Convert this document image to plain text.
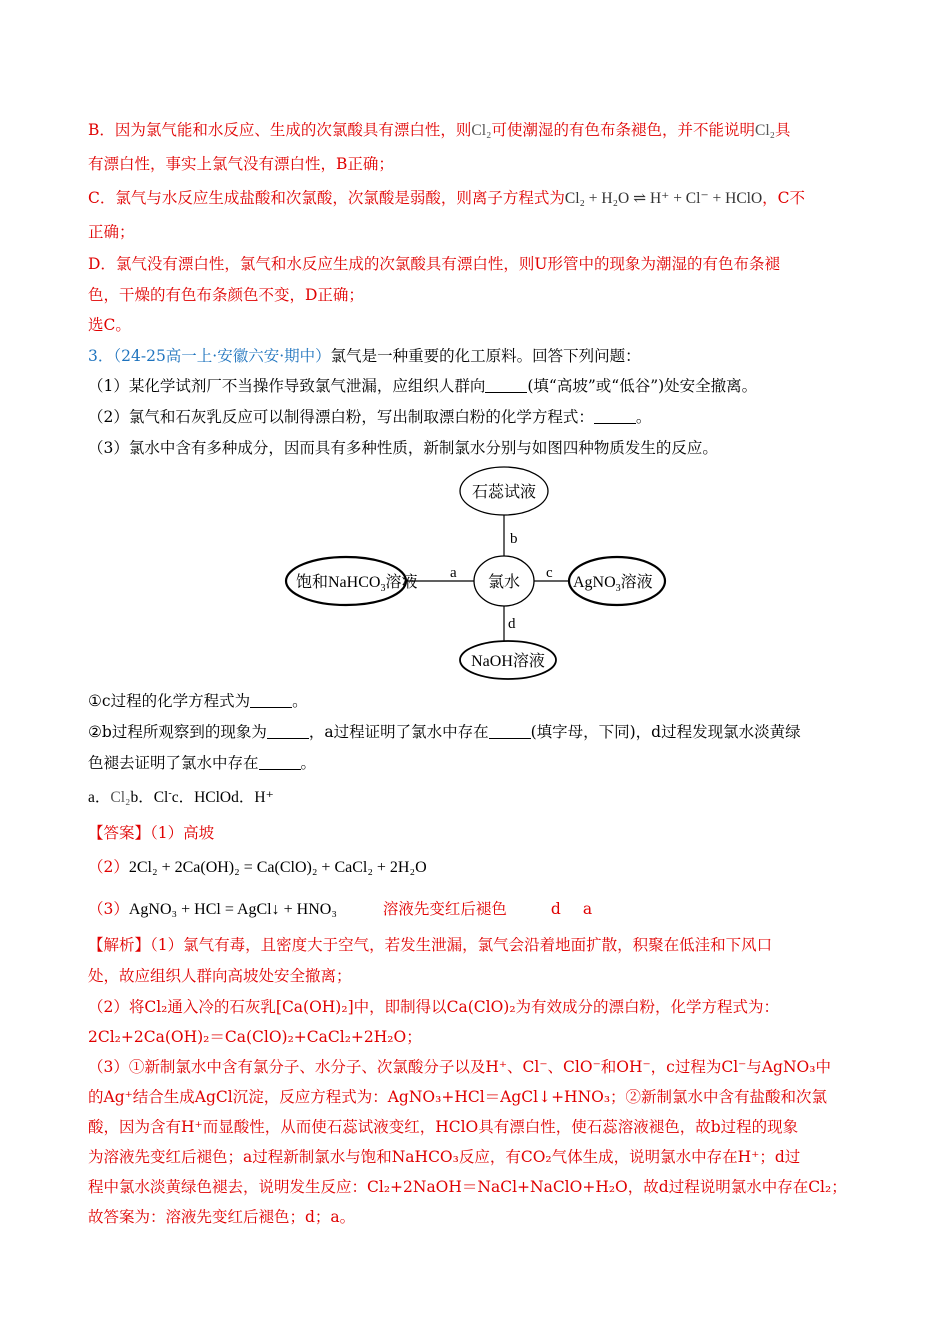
B．因为氯气能和水反应、生成的次氯酸具有漂白性，则Cl₂可使潮湿的有色布条褪色，并不能说明Cl₂具
有漂白性，事实上氯气没有漂白性，B正确；
C．氯气与水反应生成盐酸和次氯酸，次氯酸是弱酸，则离子方程式为Cl₂ + H₂O ⇌ H⁺ + Cl⁻ + HClO，C不
正确；
D．氯气没有漂白性，氯气和水反应生成的次氯酸具有漂白性，则U形管中的现象为潮湿的有色布条褪
色，干燥的有色布条颜色不变，D正确；
选C。
3．（24-25高一上·安徽六安·期中）氯气是一种重要的化工原料。回答下列问题：
（1）某化学试剂厂不当操作导致氯气泄漏，应组织人群向	(填“高坡”或“低谷”)处安全撤离。
（2）氯气和石灰乳反应可以制得漂白粉，写出制取漂白粉的化学方程式：	。
（3）氯水中含有多种成分，因而具有多种性质，新制氯水分别与如图四种物质发生的反应。
石蕊试液
氯水
饱和NaHCO$_3$溶液	AgNO$_3$溶液
NaOH溶液
b
a	c
d
①c过程的化学方程式为	。
②b过程所观察到的现象为	，a过程证明了氯水中存在	(填字母，下同)，d过程发现氯水淡黄绿
色褪去证明了氯水中存在	。
a．Cl₂b．Cl-c．HClOd．H⁺
【答案】（1）高坡
（2）2Cl₂ + 2Ca(OH)₂ = Ca(ClO)₂ + CaCl₂ + 2H₂O
（3）AgNO₃ + HCl = AgCl↓ + HNO₃	溶液先变红后褪色	d a
【解析】（1）氯气有毒，且密度大于空气，若发生泄漏，氯气会沿着地面扩散，积聚在低洼和下风口
处，故应组织人群向高坡处安全撤离；
（2）将Cl₂通入冷的石灰乳[Ca(OH)₂]中，即制得以Ca(ClO)₂为有效成分的漂白粉，化学方程式为：
2Cl₂+2Ca(OH)₂＝Ca(ClO)₂+CaCl₂+2H₂O；
（3）①新制氯水中含有氯分子、水分子、次氯酸分子以及H⁺、Cl⁻、ClO⁻和OH⁻，c过程为Cl⁻与AgNO₃中
的Ag⁺结合生成AgCl沉淀，反应方程式为：AgNO₃+HCl＝AgCl↓+HNO₃；②新制氯水中含有盐酸和次氯
酸，因为含有H⁺而显酸性，从而使石蕊试液变红，HClO具有漂白性，使石蕊溶液褪色，故b过程的现象
为溶液先变红后褪色；a过程新制氯水与饱和NaHCO₃反应，有CO₂气体生成，说明氯水中存在H⁺；d过
程中氯水淡黄绿色褪去，说明发生反应：Cl₂+2NaOH＝NaCl+NaClO+H₂O，故d过程说明氯水中存在Cl₂；
故答案为：溶液先变红后褪色；d；a。
